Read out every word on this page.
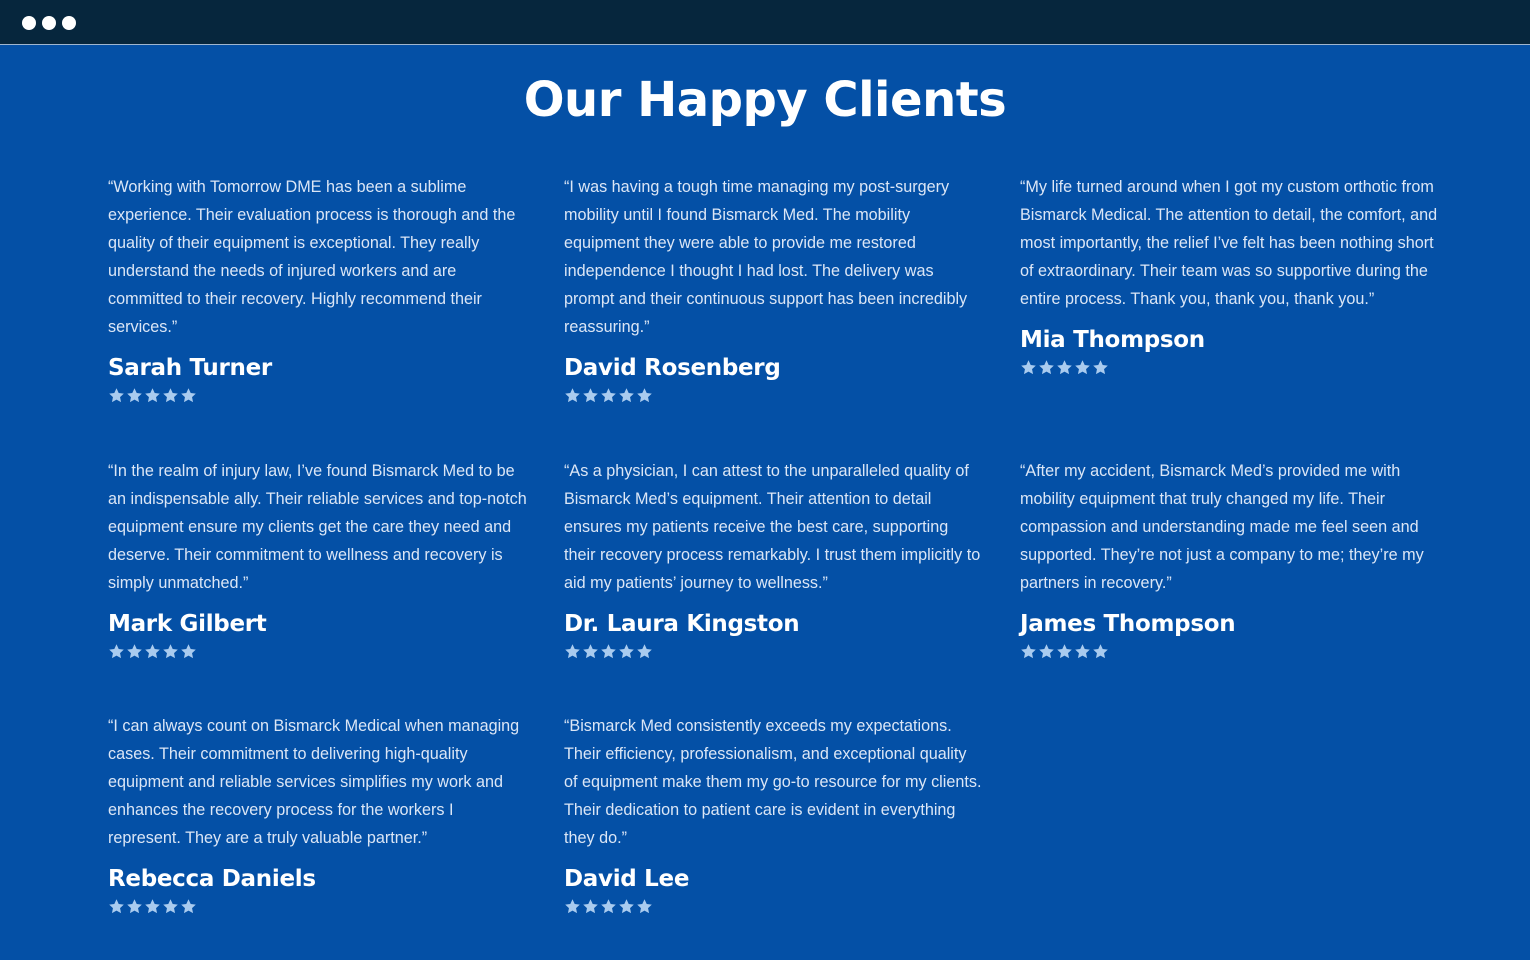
Our Happy Clients

“Working with Tomorrow DME has been a sublime experience. Their evaluation process is thorough and the quality of their equipment is exceptional. They really understand the needs of injured workers and are committed to their recovery. Highly recommend their services.”

Sarah Turner

“I was having a tough time managing my post-surgery mobility until I found Bismarck Med. The mobility equipment they were able to provide me restored independence I thought I had lost. The delivery was prompt and their continuous support has been incredibly reassuring.”

David Rosenberg

“My life turned around when I got my custom orthotic from Bismarck Medical. The attention to detail, the comfort, and most importantly, the relief I’ve felt has been nothing short of extraordinary. Their team was so supportive during the entire process. Thank you, thank you, thank you.”

Mia Thompson

“In the realm of injury law, I’ve found Bismarck Med to be an indispensable ally. Their reliable services and top-notch equipment ensure my clients get the care they need and deserve. Their commitment to wellness and recovery is simply unmatched.”

Mark Gilbert

“As a physician, I can attest to the unparalleled quality of Bismarck Med’s equipment. Their attention to detail ensures my patients receive the best care, supporting their recovery process remarkably. I trust them implicitly to aid my patients’ journey to wellness.”

Dr. Laura Kingston

“After my accident, Bismarck Med’s provided me with mobility equipment that truly changed my life. Their compassion and understanding made me feel seen and supported. They’re not just a company to me; they’re my partners in recovery.”

James Thompson

“I can always count on Bismarck Medical when managing cases. Their commitment to delivering high-quality equipment and reliable services simplifies my work and enhances the recovery process for the workers I represent. They are a truly valuable partner.”

Rebecca Daniels

“Bismarck Med consistently exceeds my expectations. Their efficiency, professionalism, and exceptional quality of equipment make them my go-to resource for my clients. Their dedication to patient care is evident in everything they do.”

David Lee
